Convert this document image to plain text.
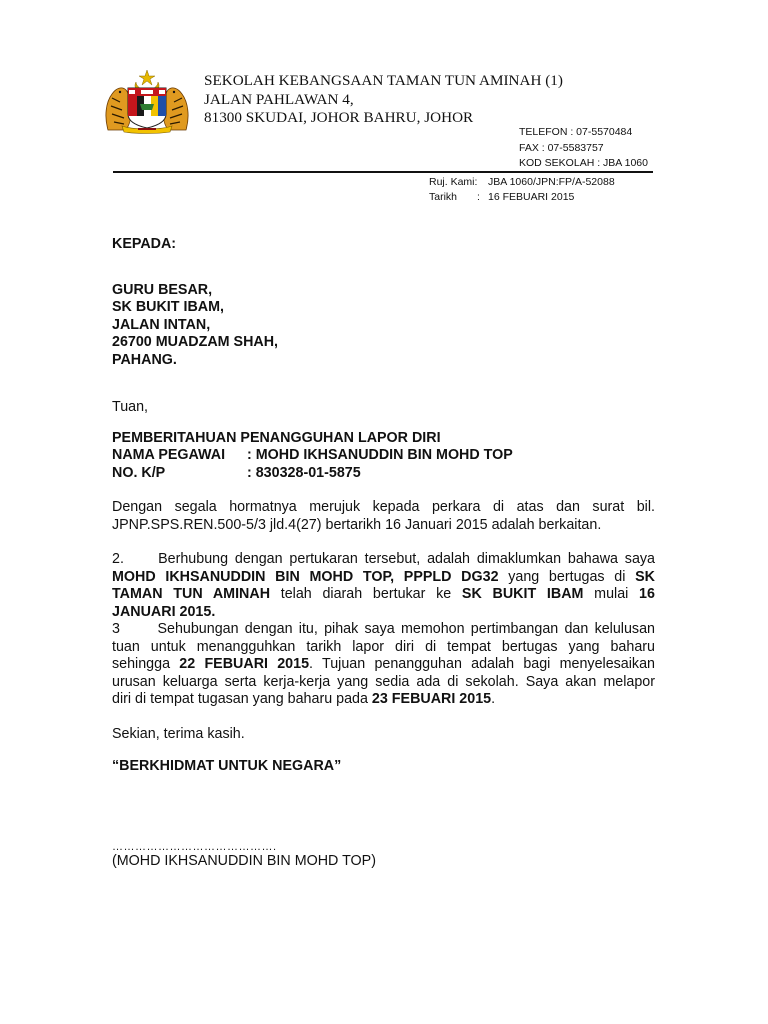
SEKOLAH KEBANGSAAN TAMAN TUN AMINAH (1)
JALAN PAHLAWAN 4,
81300 SKUDAI, JOHOR BAHRU, JOHOR
TELEFON : 07-5570484
FAX : 07-5583757
KOD SEKOLAH : JBA 1060
Ruj. Kami:	JBA 1060/JPN:FP/A-52088
Tarikh	: 16 FEBUARI 2015
KEPADA:
GURU BESAR,
SK BUKIT IBAM,
JALAN INTAN,
26700 MUADZAM SHAH,
PAHANG.
Tuan,
PEMBERITAHUAN PENANGGUHAN LAPOR DIRI
NAMA PEGAWAI	: MOHD IKHSANUDDIN BIN MOHD TOP
NO. K/P	: 830328-01-5875
Dengan segala hormatnya merujuk kepada perkara di atas dan surat bil.
JPNP.SPS.REN.500-5/3 jld.4(27) bertarikh 16 Januari 2015 adalah berkaitan.
2.     Berhubung dengan pertukaran tersebut, adalah dimaklumkan bahawa saya
MOHD IKHSANUDDIN BIN MOHD TOP, PPPLD DG32 yang bertugas di SK
TAMAN TUN AMINAH telah diarah bertukar ke SK BUKIT IBAM mulai 16
JANUARI 2015.
3      Sehubungan dengan itu, pihak saya memohon pertimbangan dan kelulusan
tuan untuk menangguhkan tarikh lapor diri di tempat bertugas yang baharu
sehingga 22 FEBUARI 2015. Tujuan penangguhan adalah bagi menyelesaikan
urusan keluarga serta kerja-kerja yang sedia ada di sekolah. Saya akan melapor
diri di tempat tugasan yang baharu pada 23 FEBUARI 2015.
Sekian, terima kasih.
“BERKHIDMAT UNTUK NEGARA”
…………………………………….
(MOHD IKHSANUDDIN BIN MOHD TOP)
